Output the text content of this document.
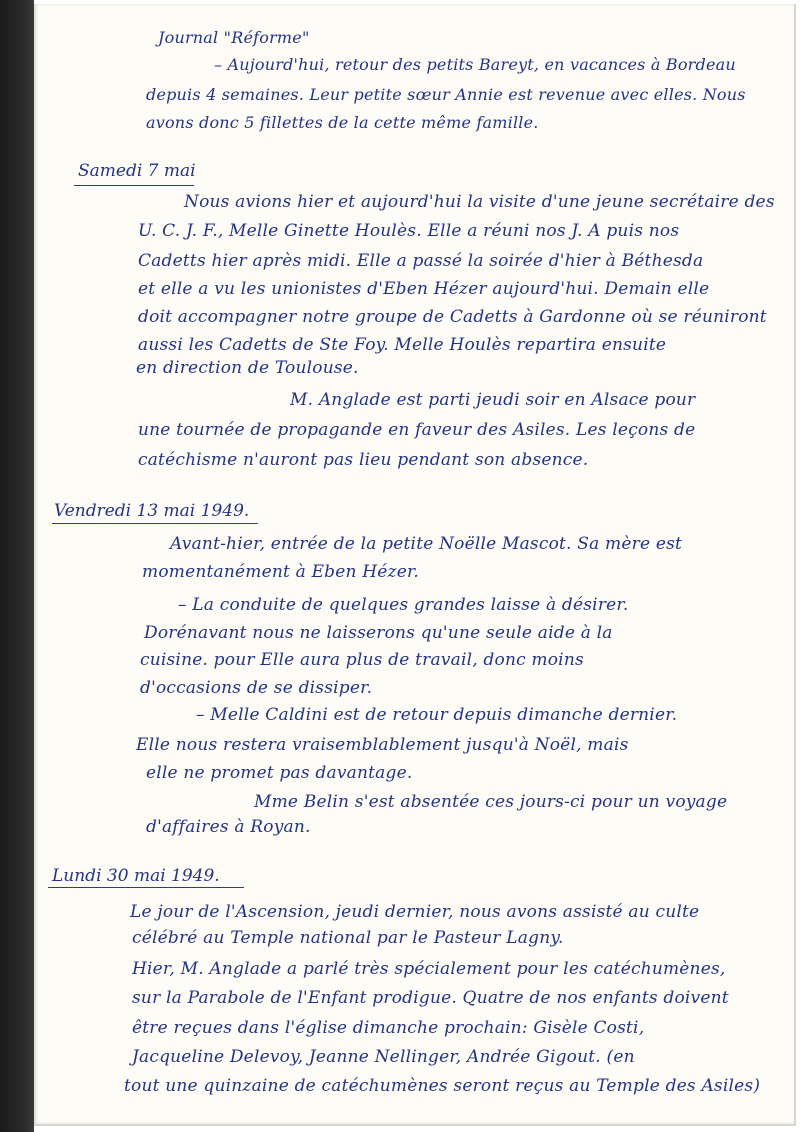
Journal "Réforme"
– Aujourd'hui, retour des petits Bareyt, en vacances à Bordeau
depuis 4 semaines. Leur petite sœur Annie est revenue avec elles. Nous
avons donc 5 fillettes de la cette même famille.
Samedi 7 mai
Nous avions hier et aujourd'hui la visite d'une jeune secrétaire des
U. C. J. F., Melle Ginette Houlès. Elle a réuni nos J. A puis nos
Cadetts hier après midi. Elle a passé la soirée d'hier à Béthesda
et elle a vu les unionistes d'Eben Hézer aujourd'hui. Demain elle
doit accompagner notre groupe de Cadetts à Gardonne où se réuniront
aussi les Cadetts de Ste Foy. Melle Houlès repartira ensuite
en direction de Toulouse.
M. Anglade est parti jeudi soir en Alsace pour
une tournée de propagande en faveur des Asiles. Les leçons de
catéchisme n'auront pas lieu pendant son absence.
Vendredi 13 mai 1949.
Avant-hier, entrée de la petite Noëlle Mascot. Sa mère est
momentanément à Eben Hézer.
– La conduite de quelques grandes laisse à désirer.
Dorénavant nous ne laisserons qu'une seule aide à la
cuisine. pour Elle aura plus de travail, donc moins
d'occasions de se dissiper.
– Melle Caldini est de retour depuis dimanche dernier.
Elle nous restera vraisemblablement jusqu'à Noël, mais
elle ne promet pas davantage.
Mme Belin s'est absentée ces jours-ci pour un voyage
d'affaires à Royan.
Lundi 30 mai 1949.
Le jour de l'Ascension, jeudi dernier, nous avons assisté au culte
célébré au Temple national par le Pasteur Lagny.
Hier, M. Anglade a parlé très spécialement pour les catéchumènes,
sur la Parabole de l'Enfant prodigue. Quatre de nos enfants doivent
être reçues dans l'église dimanche prochain: Gisèle Costi,
Jacqueline Delevoy, Jeanne Nellinger, Andrée Gigout. (en
tout une quinzaine de catéchumènes seront reçus au Temple des Asiles)
